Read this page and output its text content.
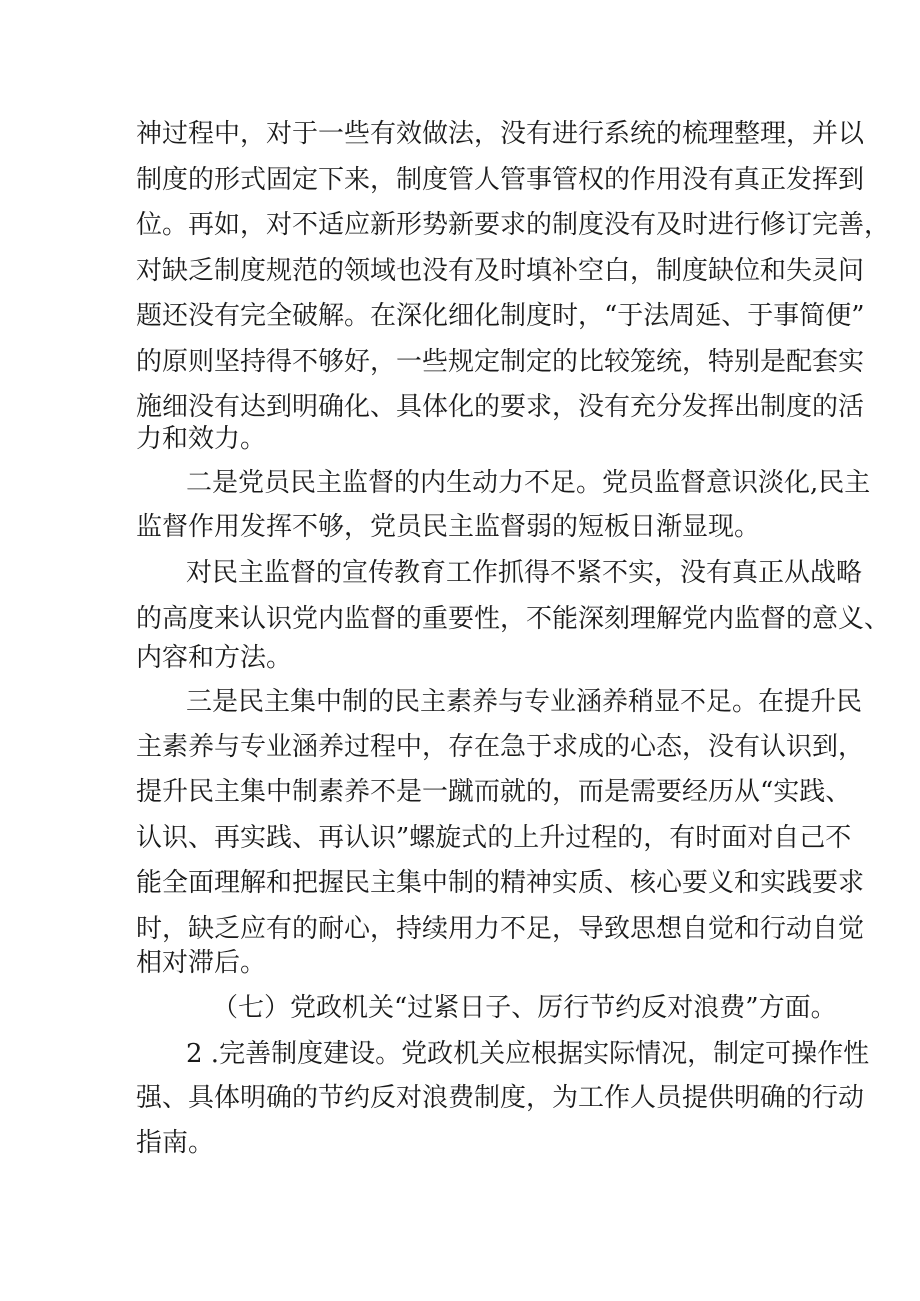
神过程中，对于一些有效做法，没有进行系统的梳理整理，并以
制度的形式固定下来，制度管人管事管权的作用没有真正发挥到
位。再如，对不适应新形势新要求的制度没有及时进行修订完善，
对缺乏制度规范的领域也没有及时填补空白，制度缺位和失灵问
题还没有完全破解。在深化细化制度时，“于法周延、于事简便”
的原则坚持得不够好，一些规定制定的比较笼统，特别是配套实
施细没有达到明确化、具体化的要求，没有充分发挥出制度的活
力和效力。
二是党员民主监督的内生动力不足。党员监督意识淡化,民主
监督作用发挥不够，党员民主监督弱的短板日渐显现。
对民主监督的宣传教育工作抓得不紧不实，没有真正从战略
的高度来认识党内监督的重要性，不能深刻理解党内监督的意义、
内容和方法。
三是民主集中制的民主素养与专业涵养稍显不足。在提升民
主素养与专业涵养过程中，存在急于求成的心态，没有认识到，
提升民主集中制素养不是一蹴而就的，而是需要经历从“实践、
认识、再实践、再认识”螺旋式的上升过程的，有时面对自己不
能全面理解和把握民主集中制的精神实质、核心要义和实践要求
时，缺乏应有的耐心，持续用力不足，导致思想自觉和行动自觉
相对滞后。
（七）党政机关“过紧日子、厉行节约反对浪费”方面。
2 .完善制度建设。党政机关应根据实际情况，制定可操作性
强、具体明确的节约反对浪费制度，为工作人员提供明确的行动
指南。
